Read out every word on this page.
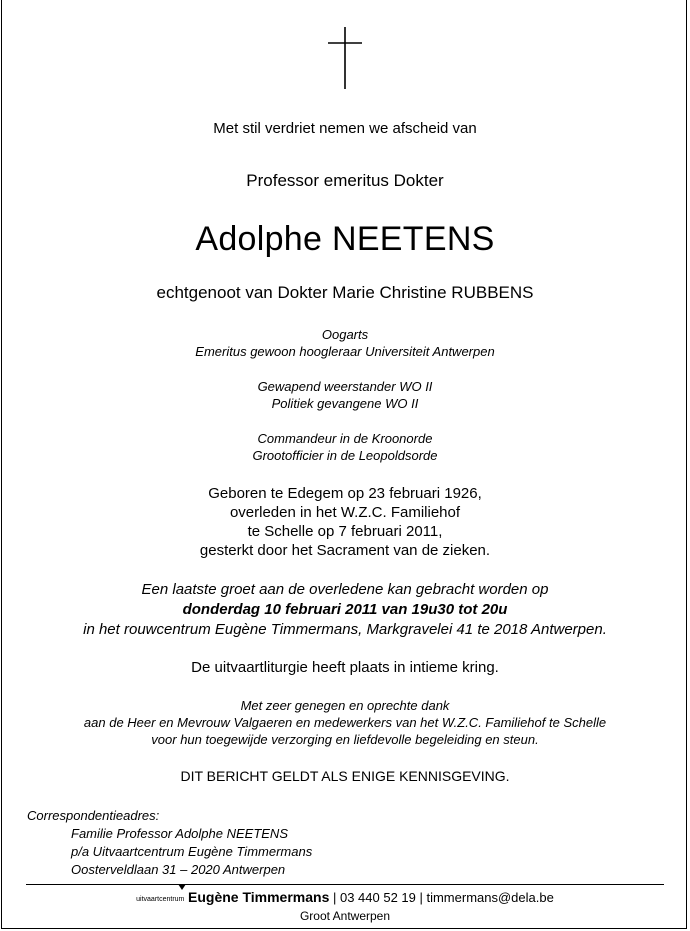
Met stil verdriet nemen we afscheid van
Professor emeritus Dokter
Adolphe NEETENS
echtgenoot van Dokter Marie Christine RUBBENS
Oogarts
Emeritus gewoon hoogleraar Universiteit Antwerpen
Gewapend weerstander WO II
Politiek gevangene WO II
Commandeur in de Kroonorde
Grootofficier in de Leopoldsorde
Geboren te Edegem op 23 februari 1926,
overleden in het W.Z.C. Familiehof
te Schelle op 7 februari 2011,
gesterkt door het Sacrament van de zieken.
Een laatste groet aan de overledene kan gebracht worden op
donderdag 10 februari 2011 van 19u30 tot 20u
in het rouwcentrum Eugène Timmermans, Markgravelei 41 te 2018 Antwerpen.
De uitvaartliturgie heeft plaats in intieme kring.
Met zeer genegen en oprechte dank
aan de Heer en Mevrouw Valgaeren en medewerkers van het W.Z.C. Familiehof te Schelle
voor hun toegewijde verzorging en liefdevolle begeleiding en steun.
DIT BERICHT GELDT ALS ENIGE KENNISGEVING.
Correspondentieadres:
Familie Professor Adolphe NEETENS
p/a Uitvaartcentrum Eugène Timmermans
Oosterveldlaan 31 – 2020 Antwerpen
uitvaartcentrum Eugène Timmermans | 03 440 52 19 | timmermans@dela.be
Groot Antwerpen
